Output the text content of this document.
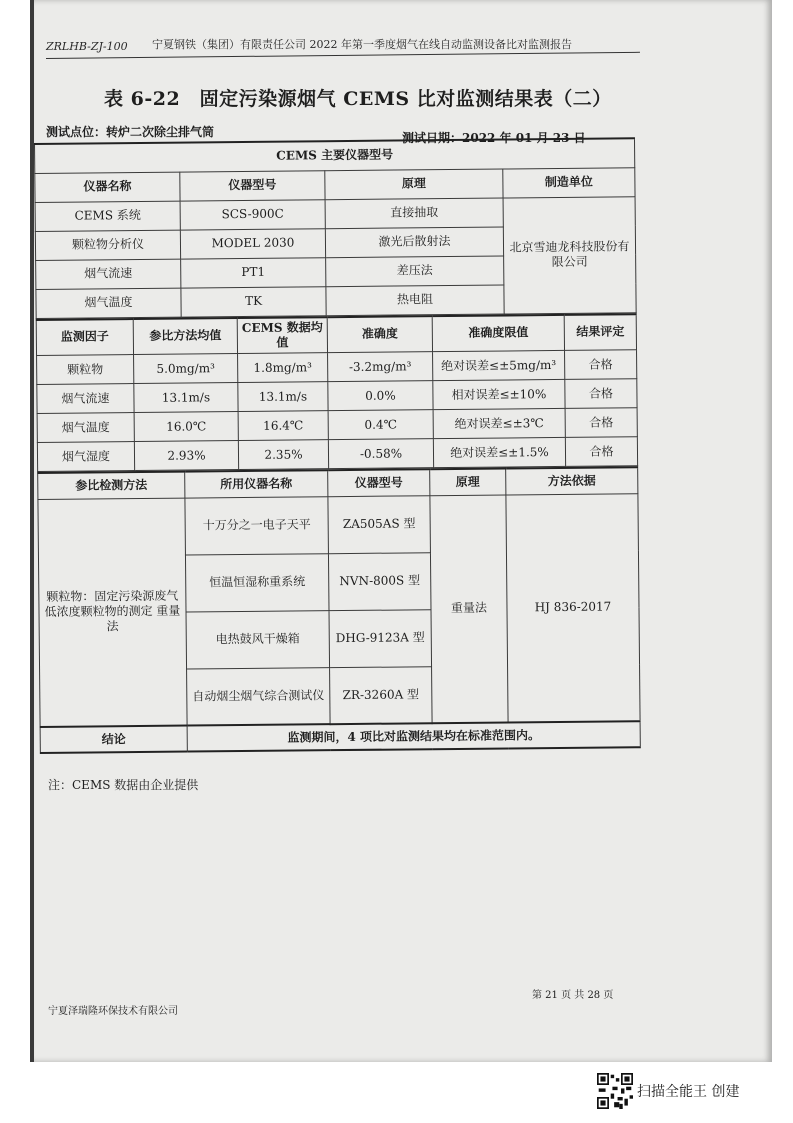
ZRLHB-ZJ-100 宁夏钢铁（集团）有限责任公司 2022 年第一季度烟气在线自动监测设备比对监测报告
表 6-22　固定污染源烟气 CEMS 比对监测结果表（二）
测试点位：转炉二次除尘排气筒	测试日期：2022 年 01 月 23 日
CEMS 主要仪器型号			
仪器名称	仪器型号	原理	制造单位
CEMS 系统	SCS-900C	直接抽取	北京雪迪龙科技股份有限公司
颗粒物分析仪	MODEL 2030	激光后散射法	
烟气流速	PT1	差压法	
烟气温度	TK	热电阻	
监测因子	参比方法均值	CEMS 数据均值	准确度	准确度限值	结果评定
颗粒物	5.0mg/m³	1.8mg/m³	-3.2mg/m³	绝对误差≤±5mg/m³	合格
烟气流速	13.1m/s	13.1m/s	0.0%	相对误差≤±10%	合格
烟气温度	16.0℃	16.4℃	0.4℃	绝对误差≤±3℃	合格
烟气湿度	2.93%	2.35%	-0.58%	绝对误差≤±1.5%	合格
参比检测方法	所用仪器名称	仪器型号	原理	方法依据
颗粒物：固定污染源废气 低浓度颗粒物的测定 重量法	十万分之一电子天平	ZA505AS 型	重量法	HJ 836-2017
	恒温恒湿称重系统	NVN-800S 型		
	电热鼓风干燥箱	DHG-9123A 型		
	自动烟尘烟气综合测试仪	ZR-3260A 型		
结论	监测期间，4 项比对监测结果均在标准范围内。			
注：CEMS 数据由企业提供
宁夏泽瑞隆环保技术有限公司
第 21 页 共 28 页
扫描全能王 创建
